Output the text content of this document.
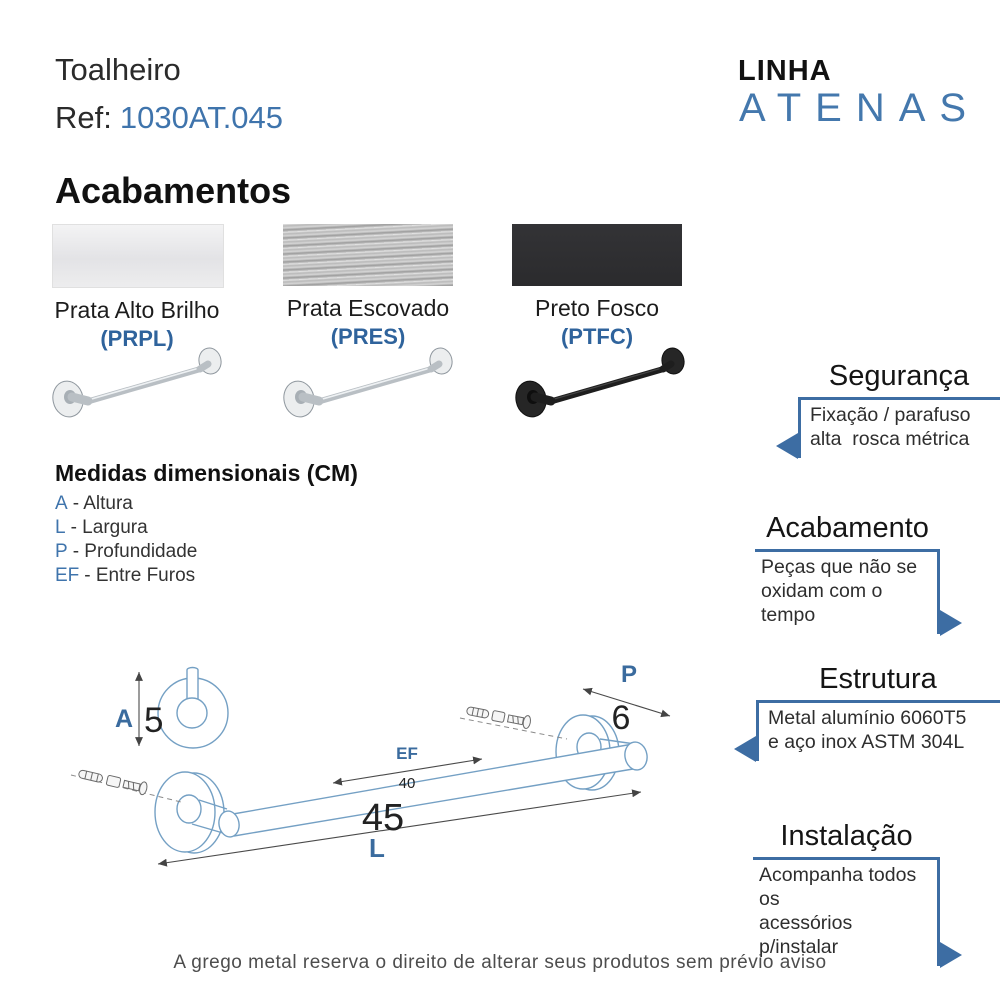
Toalheiro
Ref: 1030AT.045
LINHA
ATENAS
Acabamentos
Prata Alto Brilho
(PRPL)
Prata Escovado
(PRES)
Preto Fosco
(PTFC)
Medidas dimensionais (CM)
A - Altura
L - Largura
P - Profundidade
EF - Entre Furos
Segurança
Fixação / parafuso
alta  rosca métrica
Acabamento
Peças que não se
oxidam com o tempo
Estrutura
Metal alumínio 6060T5
e aço inox ASTM 304L
Instalação
Acompanha todos os
acessórios p/instalar
A 5
EF
40
45
L
P
6
A grego metal reserva o direito de alterar seus produtos sem prévio aviso
